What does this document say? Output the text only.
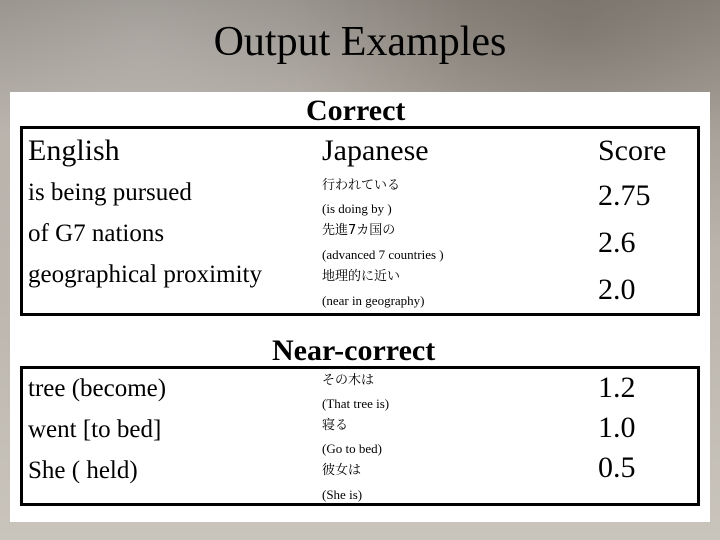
Output Examples
Correct
English	Japanese	Score
is being pursued
of G7 nations
geographical proximity
行われている
(is doing by )
先進7カ国の
(advanced 7 countries )
地理的に近い
(near in geography)
2.75
2.6
2.0
Near-correct
tree (become)
went [to bed]
She ( held)
その木は
(That tree is)
寝る
(Go to bed)
彼女は
(She is)
1.2
1.0
0.5
